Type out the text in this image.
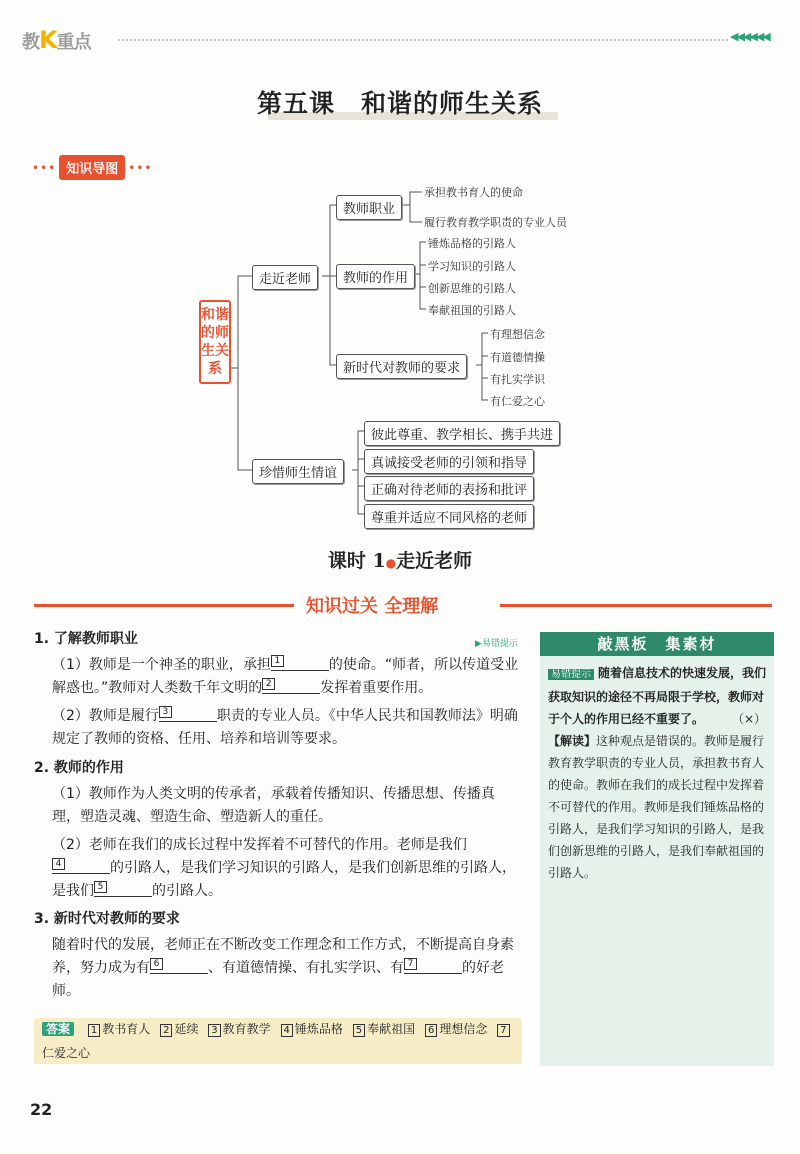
教K重点	◀◀◀◀◀◀
第五课　和谐的师生关系
••• 知识导图 •••
和谐的师生关系
走近老师
珍惜师生情谊
教师职业
教师的作用
新时代对教师的要求
承担教书育人的使命
履行教育教学职责的专业人员
锤炼品格的引路人
学习知识的引路人
创新思维的引路人
奉献祖国的引路人
有理想信念
有道德情操
有扎实学识
有仁爱之心
彼此尊重、教学相长、携手共进
真诚接受老师的引领和指导
正确对待老师的表扬和批评
尊重并适应不同风格的老师
课时 1●走近老师
知识过关 全理解
▶易错提示
1. 了解教师职业
（1）教师是一个神圣的职业，承担 1	的使命。“师者，所以传道受业解惑也。”教师对人类数千年文明的 2	发挥着重要作用。
（2）教师是履行 3	职责的专业人员。《中华人民共和国教师法》明确规定了教师的资格、任用、培养和培训等要求。
2. 教师的作用
（1）教师作为人类文明的传承者，承载着传播知识、传播思想、传播真理，塑造灵魂、塑造生命、塑造新人的重任。
（2）老师在我们的成长过程中发挥着不可替代的作用。老师是我们
4	的引路人，是我们学习知识的引路人，是我们创新思维的引路人，是我们 5	的引路人。
3. 新时代对教师的要求
随着时代的发展，老师正在不断改变工作理念和工作方式，不断提高自身素养，努力成为有 6	、有道德情操、有扎实学识、有 7	的好老师。
答案 1 教书育人 2 延续 3 教育教学 4 锤炼品格 5 奉献祖国 6 理想信念 7仁爱之心
敲黑板　集素材
易错提示 随着信息技术的快速发展，我们获取知识的途径不再局限于学校，教师对于个人的作用已经不重要了。 （×）

【解读】这种观点是错误的。教师是履行教育教学职责的专业人员，承担教书育人的使命。教师在我们的成长过程中发挥着不可替代的作用。教师是我们锤炼品格的引路人，是我们学习知识的引路人，是我们创新思维的引路人，是我们奉献祖国的引路人。
22
